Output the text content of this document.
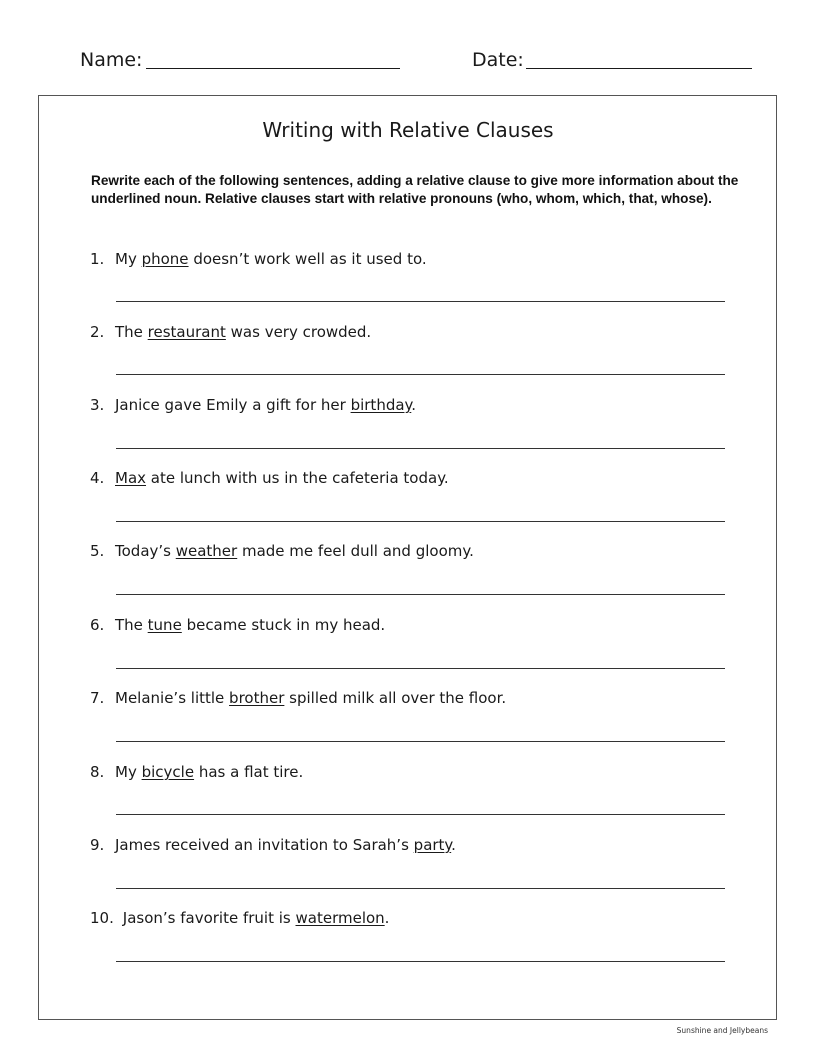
Name:	Date:
Writing with Relative Clauses
Rewrite each of the following sentences, adding a relative clause to give more information about the underlined noun. Relative clauses start with relative pronouns (who, whom, which, that, whose).
1. My phone doesn’t work well as it used to.
2. The restaurant was very crowded.
3. Janice gave Emily a gift for her birthday.
4. Max ate lunch with us in the cafeteria today.
5. Today’s weather made me feel dull and gloomy.
6. The tune became stuck in my head.
7. Melanie’s little brother spilled milk all over the floor.
8. My bicycle has a flat tire.
9. James received an invitation to Sarah’s party.
10. Jason’s favorite fruit is watermelon.
Sunshine and Jellybeans
